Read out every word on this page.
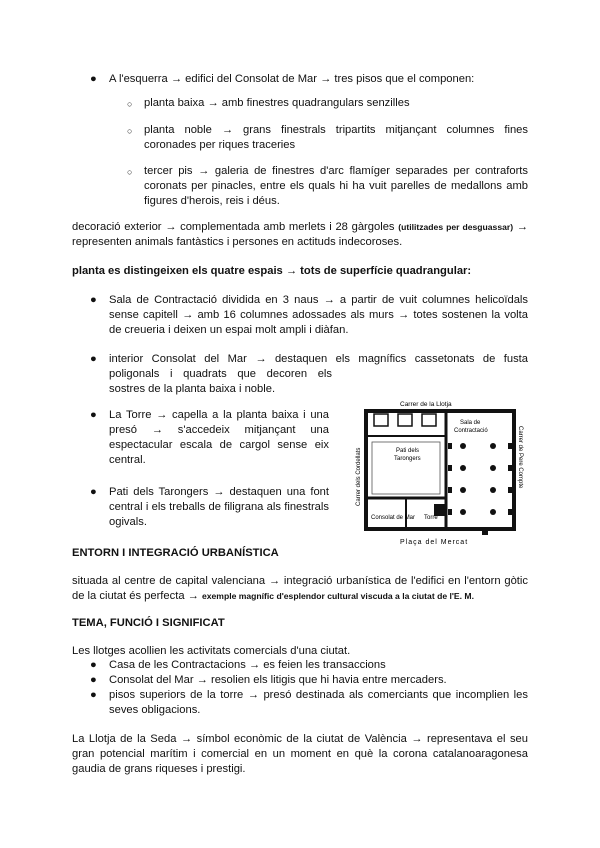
● A l'esquerra → edifici del Consolat de Mar → tres pisos que el componen:
○ planta baixa → amb finestres quadrangulars senzilles
○ planta noble → grans finestrals tripartits mitjançant columnes fines coronades per riques traceries
○ tercer pis → galeria de finestres d'arc flamíger separades per contraforts coronats per pinacles, entre els quals hi ha vuit parelles de medallons amb figures d'herois, reis i déus.
decoració exterior → complementada amb merlets i 28 gàrgoles (utilitzades per desguassar) → representen animals fantàstics i persones en actituds indecoroses.
planta es distingeixen els quatre espais → tots de superfície quadrangular:
● Sala de Contractació dividida en 3 naus → a partir de vuit columnes helicoïdals sense capitell → amb 16 columnes adossades als murs → totes sostenen la volta de creueria i deixen un espai molt ampli i diàfan.
● interior Consolat del Mar → destaquen els magnífics cassetonats de fusta poligonals i quadrats que decoren els sostres de la planta baixa i noble.
● La Torre → capella a la planta baixa i una presó → s'accedeix mitjançant una espectacular escala de cargol sense eix central.
● Pati dels Tarongers → destaquen una font central i els treballs de filigrana als finestrals ogivals.
Carrer de la Llotja
Plaça del Mercat
Carrer dels Cordellats	Carrer de Pere Compte
Sala de
Contractació
Pati dels
Tarongers
Consolat de Mar Torre
ENTORN I INTEGRACIÓ URBANÍSTICA
situada al centre de capital valenciana → integració urbanística de l'edifici en l'entorn gòtic de la ciutat és perfecta → exemple magnífic d'esplendor cultural viscuda a la ciutat de l'E. M.
TEMA, FUNCIÓ I SIGNIFICAT
Les llotges acollien les activitats comercials d'una ciutat.
● Casa de les Contractacions → es feien les transaccions
● Consolat del Mar → resolien els litigis que hi havia entre mercaders.
● pisos superiors de la torre → presó destinada als comerciants que incomplien les seves obligacions.
La Llotja de la Seda → símbol econòmic de la ciutat de València → representava el seu gran potencial marítim i comercial en un moment en què la corona catalanoaragonesa gaudia de grans riqueses i prestigi.
